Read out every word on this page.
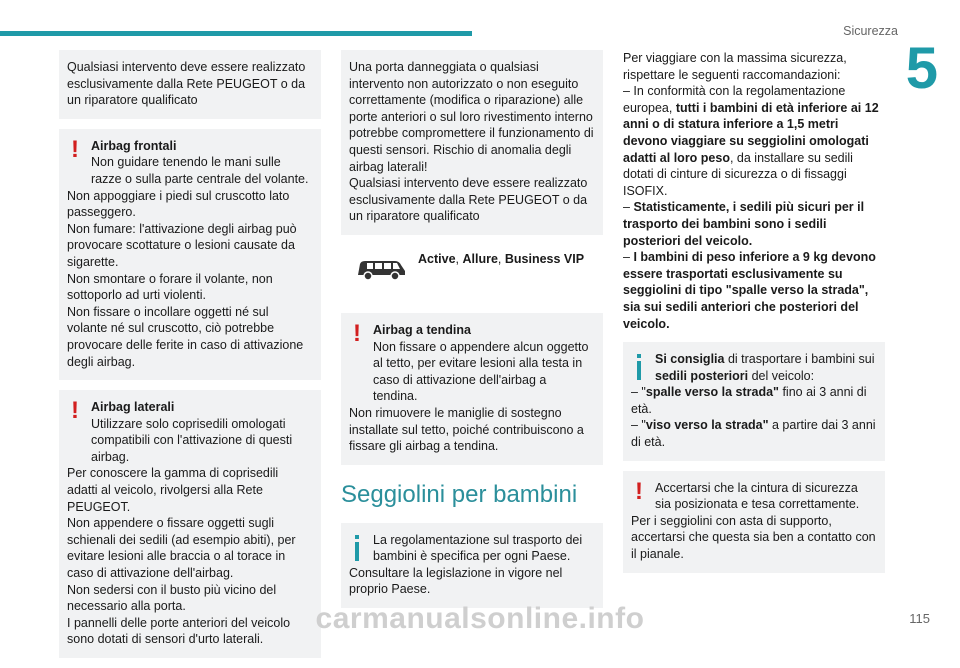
Sicurezza
5

Qualsiasi intervento deve essere realizzato esclusivamente dalla Rete PEUGEOT o da un riparatore qualificato

! Airbag frontali

Non guidare tenendo le mani sulle razze o sulla parte centrale del volante.

Non appoggiare i piedi sul cruscotto lato passeggero.

Non fumare: l'attivazione degli airbag può provocare scottature o lesioni causate da sigarette.

Non smontare o forare il volante, non sottoporlo ad urti violenti.

Non fissare o incollare oggetti né sul volante né sul cruscotto, ciò potrebbe provocare delle ferite in caso di attivazione degli airbag.

! Airbag laterali

Utilizzare solo coprisedili omologati compatibili con l'attivazione di questi airbag.

Per conoscere la gamma di coprisedili adatti al veicolo, rivolgersi alla Rete PEUGEOT.

Non appendere o fissare oggetti sugli schienali dei sedili (ad esempio abiti), per evitare lesioni alle braccia o al torace in caso di attivazione dell'airbag.

Non sedersi con il busto più vicino del necessario alla porta.

I pannelli delle porte anteriori del veicolo sono dotati di sensori d'urto laterali.

Una porta danneggiata o qualsiasi intervento non autorizzato o non eseguito correttamente (modifica o riparazione) alle porte anteriori o sul loro rivestimento interno potrebbe compromettere il funzionamento di questi sensori. Rischio di anomalia degli airbag laterali!

Qualsiasi intervento deve essere realizzato esclusivamente dalla Rete PEUGEOT o da un riparatore qualificato

Active, Allure, Business VIP
! Airbag a tendina

Non fissare o appendere alcun oggetto al tetto, per evitare lesioni alla testa in caso di attivazione dell'airbag a tendina.

Non rimuovere le maniglie di sostegno installate sul tetto, poiché contribuiscono a fissare gli airbag a tendina.

Seggiolini per bambini

La regolamentazione sul trasporto dei bambini è specifica per ogni Paese.

Consultare la legislazione in vigore nel proprio Paese.

Per viaggiare con la massima sicurezza, rispettare le seguenti raccomandazioni:

– In conformità con la regolamentazione europea, tutti i bambini di età inferiore ai 12 anni o di statura inferiore a 1,5 metri devono viaggiare su seggiolini omologati adatti al loro peso, da installare su sedili dotati di cinture di sicurezza o di fissaggi ISOFIX.

– Statisticamente, i sedili più sicuri per il trasporto dei bambini sono i sedili posteriori del veicolo.

– I bambini di peso inferiore a 9 kg devono essere trasportati esclusivamente su seggiolini di tipo "spalle verso la strada", sia sui sedili anteriori che posteriori del veicolo.

Si consiglia di trasportare i bambini sui sedili posteriori del veicolo:

– "spalle verso la strada" fino ai 3 anni di età.

– "viso verso la strada" a partire dai 3 anni di età.

! Accertarsi che la cintura di sicurezza sia posizionata e tesa correttamente.

Per i seggiolini con asta di supporto, accertarsi che questa sia ben a contatto con il pianale.

carmanualsonline.info	115
